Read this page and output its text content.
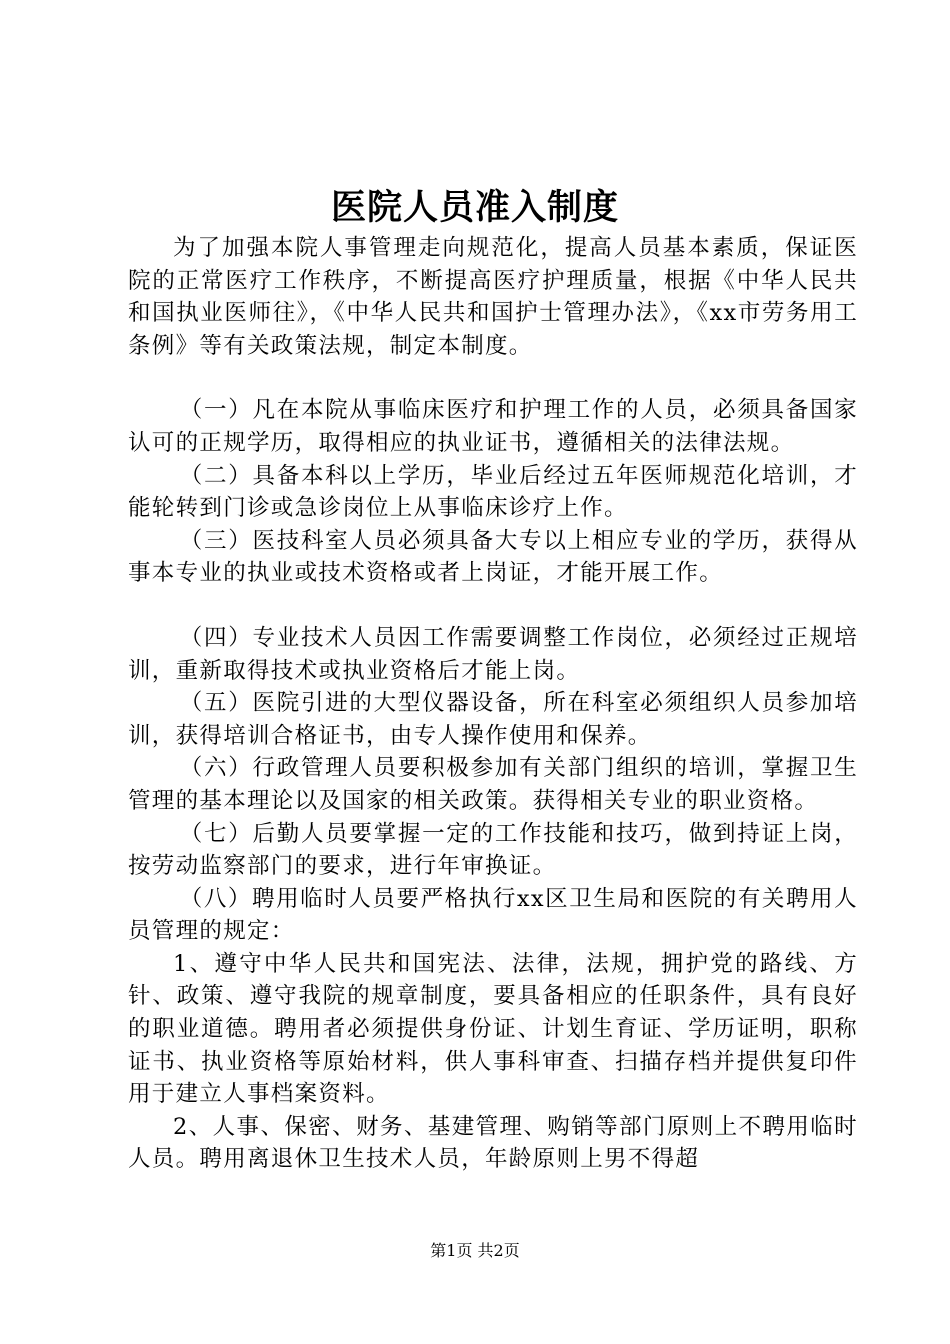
医院人员准入制度

为了加强本院人事管理走向规范化，提高人员基本素质，保证医院的正常医疗工作秩序，不断提高医疗护理质量，根据《中华人民共和国执业医师往》，《中华人民共和国护士管理办法》，《xx市劳务用工条例》等有关政策法规，制定本制度。

（一）凡在本院从事临床医疗和护理工作的人员，必须具备国家认可的正规学历，取得相应的执业证书，遵循相关的法律法规。

（二）具备本科以上学历，毕业后经过五年医师规范化培训，才能轮转到门诊或急诊岗位上从事临床诊疗上作。

（三）医技科室人员必须具备大专以上相应专业的学历，获得从事本专业的执业或技术资格或者上岗证，才能开展工作。

（四）专业技术人员因工作需要调整工作岗位，必须经过正规培训，重新取得技术或执业资格后才能上岗。

（五）医院引进的大型仪器设备，所在科室必须组织人员参加培训，获得培训合格证书，由专人操作使用和保养。

（六）行政管理人员要积极参加有关部门组织的培训，掌握卫生管理的基本理论以及国家的相关政策。获得相关专业的职业资格。

（七）后勤人员要掌握一定的工作技能和技巧，做到持证上岗，按劳动监察部门的要求，进行年审换证。

（八）聘用临时人员要严格执行xx区卫生局和医院的有关聘用人员管理的规定：

1、遵守中华人民共和国宪法、法律，法规，拥护党的路线、方针、政策、遵守我院的规章制度，要具备相应的任职条件，具有良好的职业道德。聘用者必须提供身份证、计划生育证、学历证明，职称证书、执业资格等原始材料，供人事科审查、扫描存档并提供复印件用于建立人事档案资料。

2、人事、保密、财务、基建管理、购销等部门原则上不聘用临时人员。聘用离退休卫生技术人员，年龄原则上男不得超

第1页 共2页
